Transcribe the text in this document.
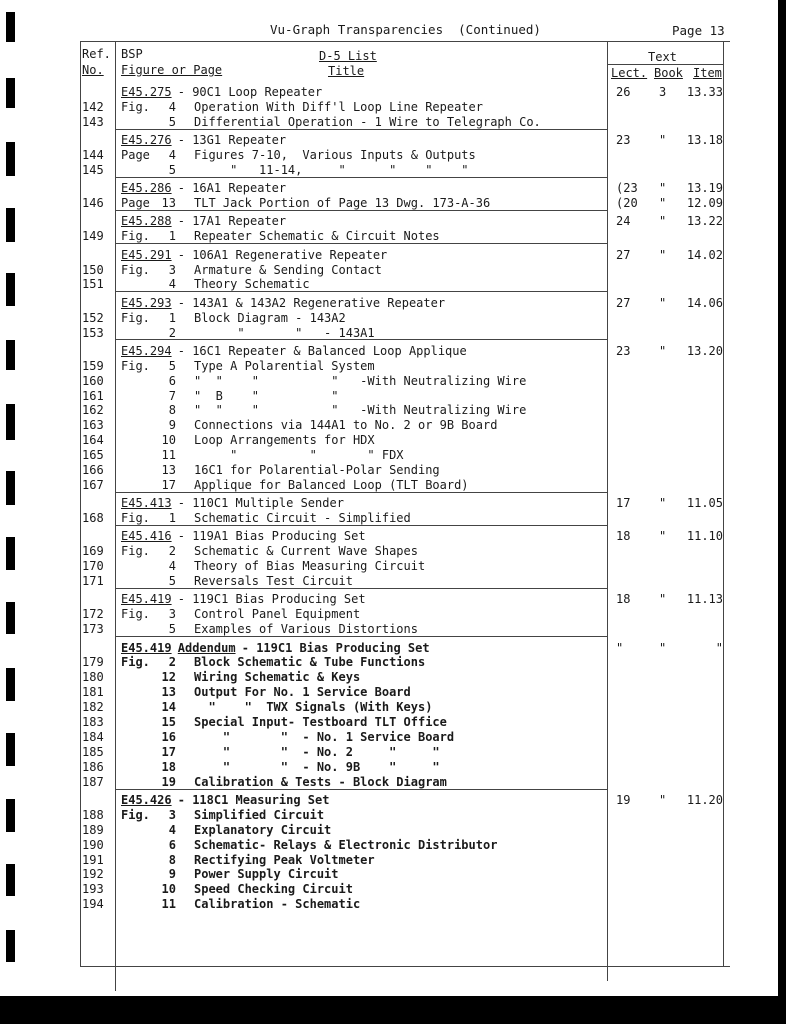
Vu-Graph Transparencies  (Continued)	Page 13
Ref.
No.
BSP
Figure or Page
D-5 List
Title
Text
Lect. Book Item
E45.275 - 90C1 Loop Repeater	26 3	13.33
142 Fig.	4 Operation With Diff'l Loop Line Repeater
143	5 Differential Operation - 1 Wire to Telegraph Co.
E45.276 - 13G1 Repeater	23 "	13.18
144 Page	4 Figures 7-10,  Various Inputs & Outputs
145	5 "   11-14,     "      "    "    "
E45.286 - 16A1 Repeater	(23 "	13.19
146 Page 13 TLT Jack Portion of Page 13 Dwg. 173-A-36	(20 "	12.09
E45.288 - 17A1 Repeater	24 "	13.22
149 Fig.	1 Repeater Schematic & Circuit Notes
E45.291 - 106A1 Regenerative Repeater	27 "	14.02
150 Fig.	3 Armature & Sending Contact
151	4 Theory Schematic
E45.293 - 143A1 & 143A2 Regenerative Repeater	27 "	14.06
152 Fig.	1 Block Diagram - 143A2
153	2 "       "   - 143A1
E45.294 - 16C1 Repeater & Balanced Loop Applique	23 "	13.20
159 Fig.	5 Type A Polarential System
160	6 "  "    "          "   -With Neutralizing Wire
161	7 "  B    "          "
162	8 "  "    "          "   -With Neutralizing Wire
163	9 Connections via 144A1 to No. 2 or 9B Board
164	10 Loop Arrangements for HDX
165	11 "          "       " FDX
166	13 16C1 for Polarential-Polar Sending
167	17 Applique for Balanced Loop (TLT Board)
E45.413 - 110C1 Multiple Sender	17 "	11.05
168 Fig.	1 Schematic Circuit - Simplified
E45.416 - 119A1 Bias Producing Set	18 "	11.10
169 Fig.	2 Schematic & Current Wave Shapes
170	4 Theory of Bias Measuring Circuit
171	5 Reversals Test Circuit
E45.419 - 119C1 Bias Producing Set	18 "	11.13
172 Fig.	3 Control Panel Equipment
173	5 Examples of Various Distortions
E45.419 Addendum - 119C1 Bias Producing Set	"	"	"
179 Fig.	2 Block Schematic & Tube Functions
180	12 Wiring Schematic & Keys
181	13 Output For No. 1 Service Board
182	14 "    "  TWX Signals (With Keys)
183	15 Special Input- Testboard TLT Office
184	16 "       "  - No. 1 Service Board
185	17 "       "  - No. 2     "     "
186	18 "       "  - No. 9B    "     "
187	19 Calibration & Tests - Block Diagram
E45.426 - 118C1 Measuring Set	19 "	11.20
188 Fig.	3 Simplified Circuit
189	4 Explanatory Circuit
190	6 Schematic- Relays & Electronic Distributor
191	8 Rectifying Peak Voltmeter
192	9 Power Supply Circuit
193	10 Speed Checking Circuit
194	11 Calibration - Schematic
